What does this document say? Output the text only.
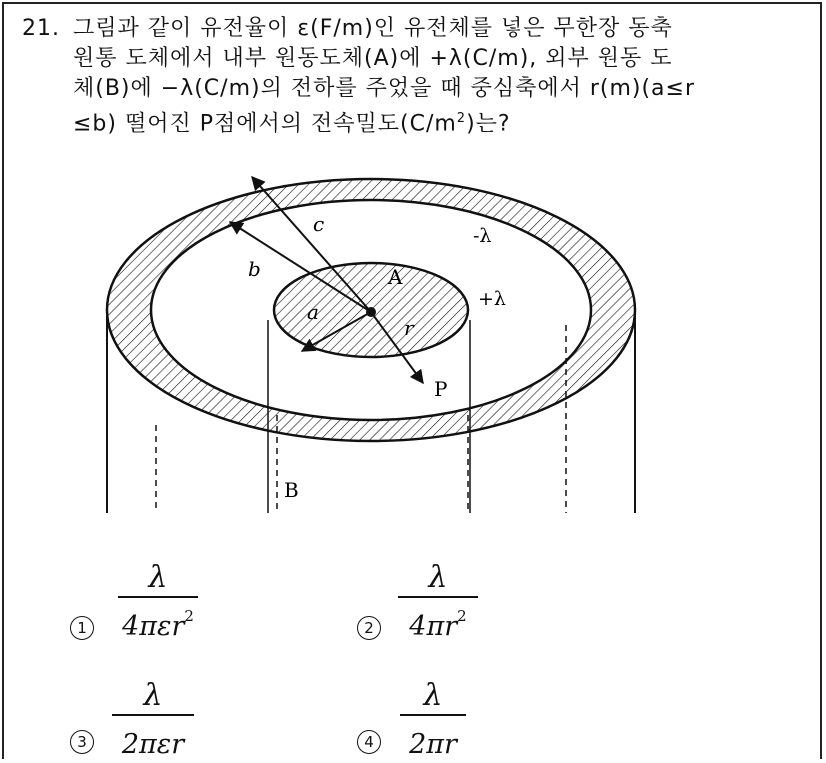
21. 그림과 같이 유전율이 ε(F/m)인 유전체를 넣은 무한장 동축
원통 도체에서 내부 원동도체(A)에 +λ(C/m), 외부 원동 도
체(B)에 −λ(C/m)의 전하를 주었을 때 중심축에서 r(m)(a≤r
≤b) 떨어진 P점에서의 전속밀도$(C/m^2)$는?
c
b
a
r
A
P
B
-λ
+λ
1
λ
4πεr$^2$
2
λ
$4\pi r^2$
3
λ
2πεr	4
λ
2πr
